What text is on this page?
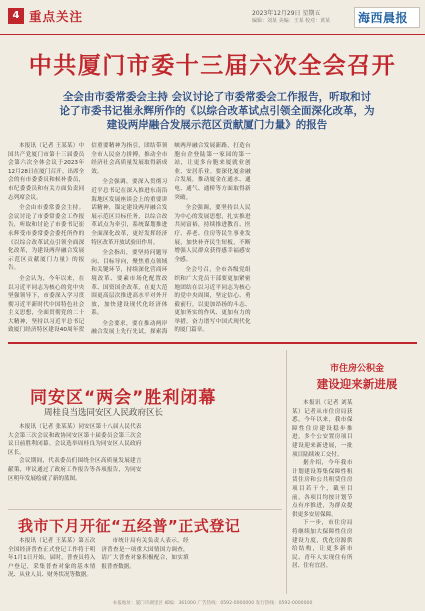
4 重点关注	2023年12月29日 星期五
编辑：刘某 美编：王某 校对：黄某 海西晨报
中共厦门市委十三届六次全会召开
全会由市委常委会主持 会议讨论了市委常委会工作报告，听取和讨论了市委书记崔永辉所作的《以综合改革试点引领全面深化改革，为建设两岸融合发展示范区贡献厦门力量》的报告

本报讯（记者 王某某）中国共产党厦门市第十三届委员会第六次全体会议于2023年12月28日在厦门召开。出席全会的有市委委员和候补委员，市纪委委员和有关方面负责同志列席会议。

全会由市委常委会主持。会议讨论了市委常委会工作报告，听取和讨论了市委书记崔永辉受市委常委会委托所作的《以综合改革试点引领全面深化改革，为建设两岸融合发展示范区贡献厦门力量》的报告。

全会认为，今年以来，在以习近平同志为核心的党中央坚强领导下，市委深入学习贯彻习近平新时代中国特色社会主义思想，全面贯彻党的二十大精神，坚持以习近平总书记致厦门经济特区建设40周年贺信重要精神为指引，团结带领全市人民奋力拼搏，推动全市经济社会高质量发展取得新成效。

全会强调，要深入贯彻习近平总书记在深入推进东南沿海地区发展座谈会上的重要讲话精神，锚定建设两岸融合发展示范区目标任务，以综合改革试点为牵引，系统谋划推进全面深化改革，更好发挥经济特区改革开放试验田作用。

全会指出，要坚持问题导向、目标导向，聚焦重点领域和关键环节，持续深化营商环境改革、要素市场化配置改革、国资国企改革，在更大范围更高层次推进高水平对外开放，加快建设现代化经济体系。

全会要求，要在推动两岸融合发展上先行先试，探索海峡两岸融合发展新路，打造台胞台企登陆第一家园的第一站，让更多台胞来厦就业创业、安居乐业。要深化厦金融合发展，推动厦金在通水、通电、通气、通桥等方面取得新突破。

全会强调，要坚持以人民为中心的发展思想，扎实推进共同富裕，持续推进教育、医疗、养老、住房等民生事业发展，加快补齐民生短板，不断增强人民群众获得感幸福感安全感。

全会号召，全市各级党组织和广大党员干部要更加紧密地团结在以习近平同志为核心的党中央周围，坚定信心、勇毅前行，以更加昂扬的斗志、更加务实的作风、更加有力的举措，奋力谱写中国式现代化的厦门篇章。

同安区“两会”胜利闭幕
周桂良当选同安区人民政府区长

本报讯（记者 张某某）同安区第十八届人民代表大会第三次会议和政协同安区第十届委员会第三次会议日前胜利闭幕。会议选举周桂良为同安区人民政府区长。

会议期间，代表委员们围绕全区高质量发展建言献策，审议通过了政府工作报告等各项报告，为同安区明年发展绘就了新的蓝图。

市住房公积金
建设迎来新进展

本报讯（记者 刘某某）记者从市住房局获悉，今年以来，我市保障性住房建设稳步推进，多个公安置房项目建设迎来新进展，一批项目陆续竣工交付。

据介绍，今年我市计划建设筹集保障性租赁住房和公共租赁住房项目若干个，截至目前，各项目均按计划节点有序推进，为群众提供更多安居保障。

下一步，市住房局将继续加大保障性住房建设力度，优化房源供给结构，让更多新市民、青年人实现住有所居、住有宜居。

我市下月开征“五经普”正式登记

本报讯（记者 王某某）第五次全国经济普查正式登记工作将于明年1月1日开始。届时，普查员将入户登记，采集普查对象的基本情况、从业人员、财务状况等数据。

市统计局有关负责人表示，经济普查是一项重大国情国力调查，请广大普查对象积极配合，如实填报普查数据。

本报地址：厦门市湖里区 邮编：361000 广告热线：0592-0000000 发行热线：0592-0000000
